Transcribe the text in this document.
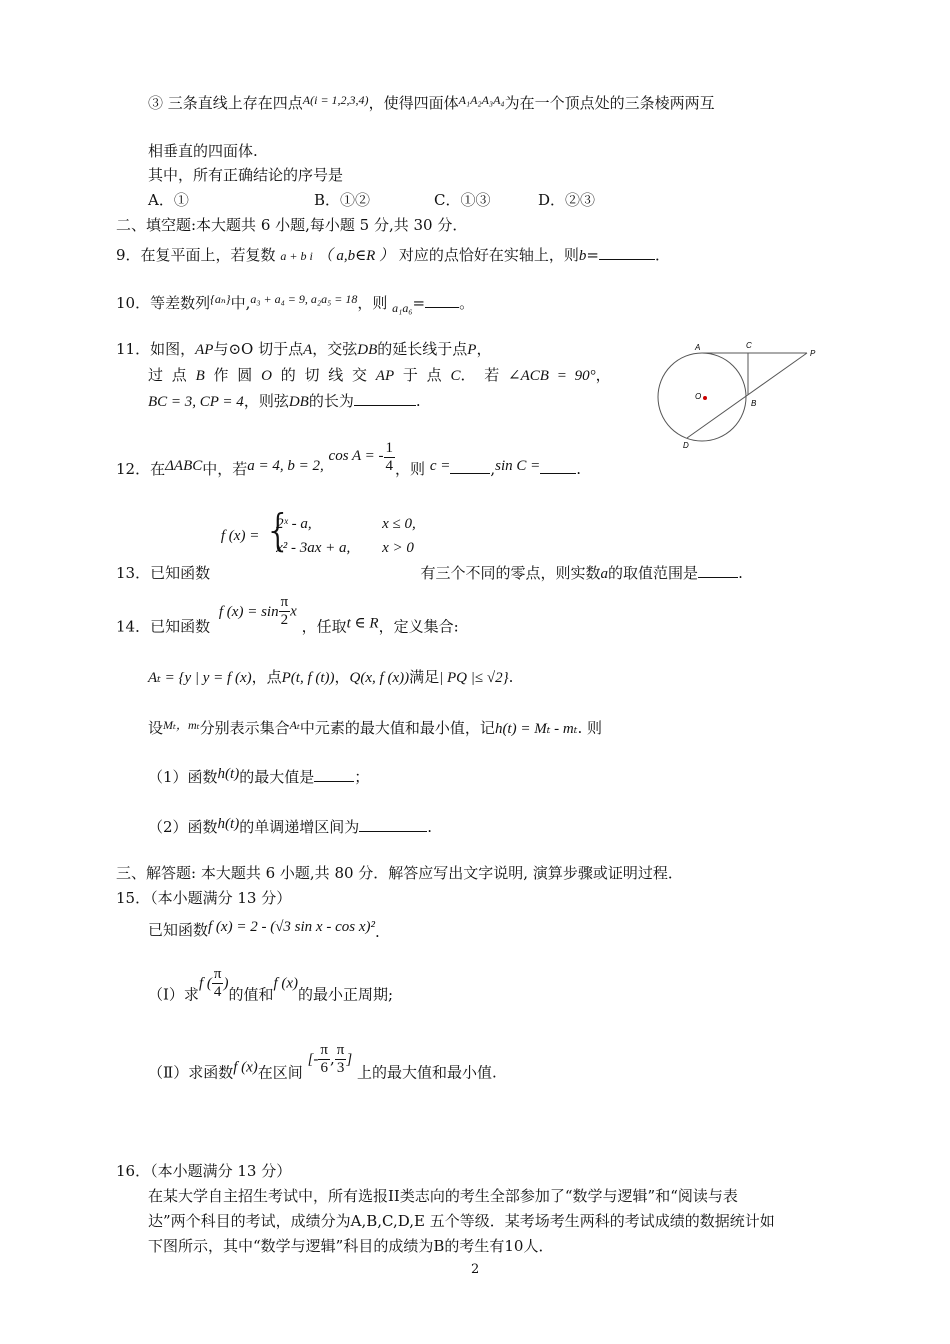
③ 三条直线上存在四点$^{A(i = 1,2,3,4)}$，使得四面体$^{A_1A_2A_3A_4}$为在一个顶点处的三条棱两两互
相垂直的四面体.
其中，所有正确结论的序号是
A．①	B．①②	C．①③	D．②③
二、填空题:本大题共 6 小题,每小题 5 分,共 30 分．
9．在复平面上，若复数 a + b i （ a,b∈R ） 对应的点恰好在实轴上，则b=	．
10．等差数列$^{\{a_n\}}$中,$^{a_3 + a_4 = 9, a_2a_5 = 18}$，则 $_{a_1a_6}$= 。
11．如图，AP与⊙O 切于点A，交弦DB的延长线于点P，
过 点 B 作 圆 O 的 切 线 交 AP 于 点 C． 若 ∠ACB = 90°，
BC = 3, CP = 4，则弦DB的长为	.
A	C
P
O
B
D
12．在ΔABC中，若a = 4, b = 2, cos A = - $\frac{1}{4}$ ，则 c =	,sin C = .
13．已知函数 f (x) =
{ 2ˣ - a,	x ≤ 0,
x² - 3ax + a, x > 0
有三个不同的零点，则实数a的取值范围是	.
14．已知函数 f $(x) = \sin \frac{\pi}{2}$ x ，任取t ∈ R，定义集合:
Aₜ = {y | y = f (x)，点P(t, f (t))，Q(x, f (x))满足| PQ |≤ √2}.
设$^{M_t,m_t}$分别表示集合$^{A_t}$中元素的最大值和最小值，记h(t) = Mₜ - mₜ. 则
（1）函数h(t)的最大值是	；
（2）函数h(t)的单调递增区间为	.
三、解答题: 本大题共 6 小题,共 80 分．解答应写出文字说明, 演算步骤或证明过程．
15．（本小题满分 13 分）
已知函数f (x) = 2 - (√3 sin x - cos x)².
（Ⅰ）求f ( $\frac{\pi}{4}$ )的值和f (x)的最小正周期;
（Ⅱ）求函数f (x)在区间 [- $\frac{\pi}{6}$ , $\frac{\pi}{3}$ ] 上的最大值和最小值.
16．（本小题满分 13 分）
在某大学自主招生考试中，所有选报II类志向的考生全部参加了“数学与逻辑”和“阅读与表
达”两个科目的考试，成绩分为A,B,C,D,E 五个等级．某考场考生两科的考试成绩的数据统计如
下图所示，其中“数学与逻辑”科目的成绩为B的考生有10人．
2
